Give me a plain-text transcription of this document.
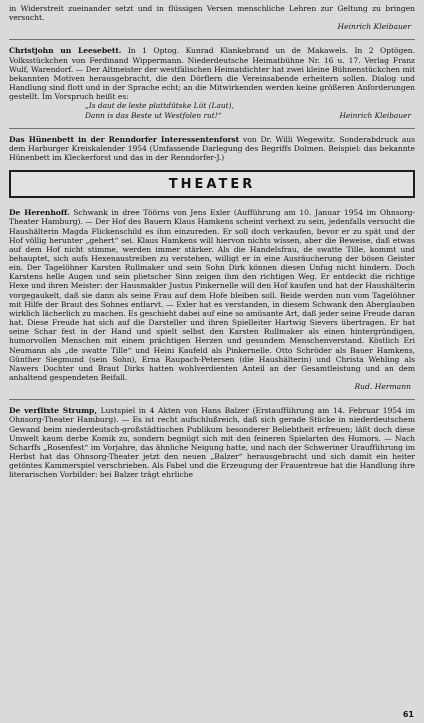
in Widerstreit zueinander setzt und in flüssigen Versen menschliche Lehren zur Geltung zu bringen versucht.

Heinrich Kleibauer

Christjohn un Leesebett. In 1 Optog. Kunrad Klankebrand un de Makawels. In 2 Optögen. Volksstückchen von Ferdinand Wippermann. Niederdeutsche Heimatbühne Nr. 16 u. 17. Verlag Franz Wulf, Warendorf. — Der Altmeister der westfälischen Heimatdichter hat zwei kleine Bühnenstückchen mit bekannten Motiven herausgebracht, die den Dörflern die Vereinsabende erheitern sollen. Dialog und Handlung sind flott und in der Sprache echt; an die Mitwirkenden werden keine größeren Anforderungen gestellt. Im Vorspruch heißt es:

„Is daut de leste plattdütske Lüt (Laut),

Dann is das Beste ut Westfolen rut!“	Heinrich Kleibauer

Das Hünenbett in der Renndorfer Interessentenforst von Dr. Willi Wegewitz. Sonderabdruck aus dem Harburger Kreiskalender 1954 (Umfassende Darlegung des Begriffs Dolmen. Beispiel: das bekannte Hünenbett im Kleckerforst und das in der Renndorfer-J.)

THEATER

De Herenhoff. Schwank in dree Töörns von Jens Exler (Aufführung am 10. Januar 1954 im Ohnsorg-Theater Hamburg). — Der Hof des Bauern Klaus Hamkens scheint verhext zu sein, jedenfalls versucht die Haushälterin Magda Flickenschild es ihm einzureden. Er soll doch verkaufen, bevor er zu spät und der Hof völlig herunter „gehert“ sei. Klaus Hamkens will hiervon nichts wissen, aber die Beweise, daß etwas auf dem Hof nicht stimme, werden immer stärker. Als die Handelsfrau, de swatte Tille, kommt und behauptet, sich aufs Hexenaustreiben zu verstehen, willigt er in eine Ausräucherung der bösen Geister ein. Der Tagelöhner Karsten Rullmaker und sein Sohn Dirk können diesen Unfug nicht hindern. Doch Karstens helle Augen und sein plietscher Sinn zeigen ihm den richtigen Weg. Er entdeckt die richtige Hexe und ihren Meister: der Hausmakler Justus Pinkernelle will den Hof kaufen und hat der Haushälterin vorgegaukelt, daß sie dann als seine Frau auf dem Hofe bleiben soll. Beide werden nun vom Tagelöhner mit Hilfe der Braut des Sohnes entlarvt. — Exler hat es verstanden, in diesem Schwank den Aberglauben wirklich lächerlich zu machen. Es geschieht dabei auf eine so amüsante Art, daß jeder seine Freude daran hat. Diese Freude hat sich auf die Darsteller und ihren Spielleiter Hartwig Sievers übertragen. Er hat seine Schar fest in der Hand und spielt selbst den Karsten Rullmaker als einen hintergründigen, humorvollen Menschen mit einem prächtigen Herzen und gesundem Menschenverstand. Köstlich Eri Neumann als „de swatte Tille“ und Heini Kaufeld als Pinkernelle. Otto Schröder als Bauer Hamkens, Günther Siegmund (sein Sohn), Erna Raupach-Petersen (die Haushälterin) und Christa Wehling als Nawers Dochter und Braut Dirks hatten wohlverdienten Anteil an der Gesamtleistung und an dem anhaltend gespendeten Beifall.

Rud. Hermann

De verflixte Strump, Lustspiel in 4 Akten von Hans Balzer (Erstaufführung am 14. Februar 1954 im Ohnsorg-Theater Hamburg). — Es ist recht aufschlußreich, daß sich gerade Stücke in niederdeutschem Gewand beim niederdeutsch-großstädtischen Publikum besonderer Beliebtheit erfreuen; läßt doch diese Umwelt kaum derbe Komik zu, sondern begnügt sich mit den feineren Spielarten des Humors. — Nach Scharffs „Rosenfest“ im Vorjahre, das ähnliche Neigung hatte, und nach der Schweriner Uraufführung im Herbst hat das Ohnsorg-Theater jetzt den neuen „Balzer“ herausgebracht und sich damit ein heiter getöntes Kammerspiel verschrieben. Als Fabel und die Erzeugung der Frauentreue hat die Handlung ihre literarischen Vorbilder: bei Balzer trägt ehrliche

61
